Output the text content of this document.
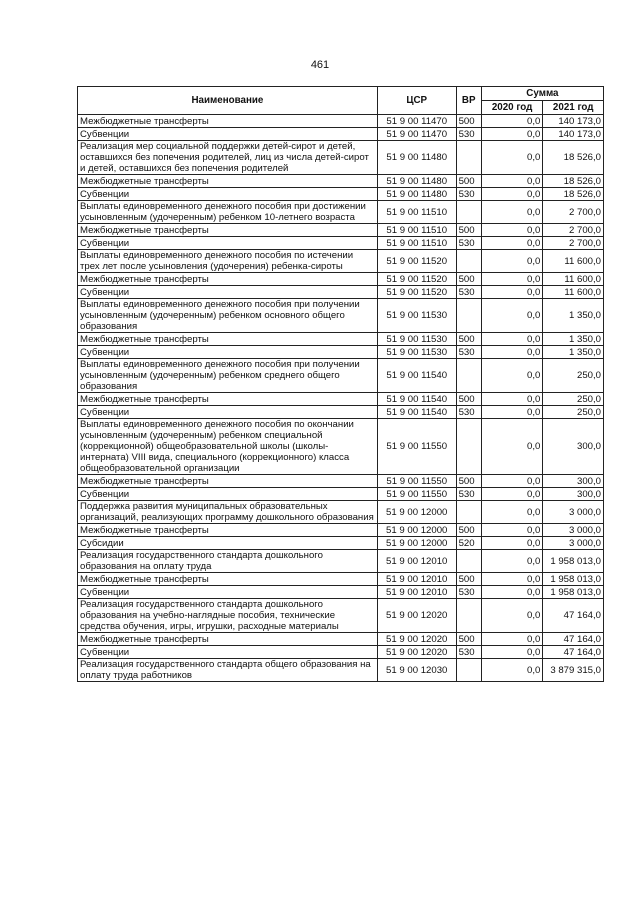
461
Наименование	ЦСР	ВР	Сумма	
			2020 год	2021 год
Межбюджетные трансферты	51 9 00 11470	500	0,0	140 173,0
Субвенции	51 9 00 11470	530	0,0	140 173,0
Реализация мер социальной поддержки детей-сирот и детей, оставшихся без попечения родителей, лиц из числа детей-сирот и детей, оставшихся без попечения родителей	51 9 00 11480		0,0	18 526,0
Межбюджетные трансферты	51 9 00 11480	500	0,0	18 526,0
Субвенции	51 9 00 11480	530	0,0	18 526,0
Выплаты единовременного денежного пособия при достижении усыновленным (удочеренным) ребенком 10-летнего возраста	51 9 00 11510		0,0	2 700,0
Межбюджетные трансферты	51 9 00 11510	500	0,0	2 700,0
Субвенции	51 9 00 11510	530	0,0	2 700,0
Выплаты единовременного денежного пособия по истечении трех лет после усыновления (удочерения) ребенка-сироты	51 9 00 11520		0,0	11 600,0
Межбюджетные трансферты	51 9 00 11520	500	0,0	11 600,0
Субвенции	51 9 00 11520	530	0,0	11 600,0
Выплаты единовременного денежного пособия при получении усыновленным (удочеренным) ребенком основного общего образования	51 9 00 11530		0,0	1 350,0
Межбюджетные трансферты	51 9 00 11530	500	0,0	1 350,0
Субвенции	51 9 00 11530	530	0,0	1 350,0
Выплаты единовременного денежного пособия при получении усыновленным (удочеренным) ребенком среднего общего образования	51 9 00 11540		0,0	250,0
Межбюджетные трансферты	51 9 00 11540	500	0,0	250,0
Субвенции	51 9 00 11540	530	0,0	250,0
Выплаты единовременного денежного пособия по окончании усыновленным (удочеренным) ребенком специальной (коррекционной) общеобразовательной школы (школы-интерната) VIII вида, специального (коррекционного) класса общеобразовательной организации	51 9 00 11550		0,0	300,0
Межбюджетные трансферты	51 9 00 11550	500	0,0	300,0
Субвенции	51 9 00 11550	530	0,0	300,0
Поддержка развития муниципальных образовательных организаций, реализующих программу дошкольного образования	51 9 00 12000		0,0	3 000,0
Межбюджетные трансферты	51 9 00 12000	500	0,0	3 000,0
Субсидии	51 9 00 12000	520	0,0	3 000,0
Реализация государственного стандарта дошкольного образования на оплату труда	51 9 00 12010		0,0	1 958 013,0
Межбюджетные трансферты	51 9 00 12010	500	0,0	1 958 013,0
Субвенции	51 9 00 12010	530	0,0	1 958 013,0
Реализация государственного стандарта дошкольного образования на учебно-наглядные пособия, технические средства обучения, игры, игрушки, расходные материалы	51 9 00 12020		0,0	47 164,0
Межбюджетные трансферты	51 9 00 12020	500	0,0	47 164,0
Субвенции	51 9 00 12020	530	0,0	47 164,0
Реализация государственного стандарта общего образования на оплату труда работников	51 9 00 12030		0,0	3 879 315,0
